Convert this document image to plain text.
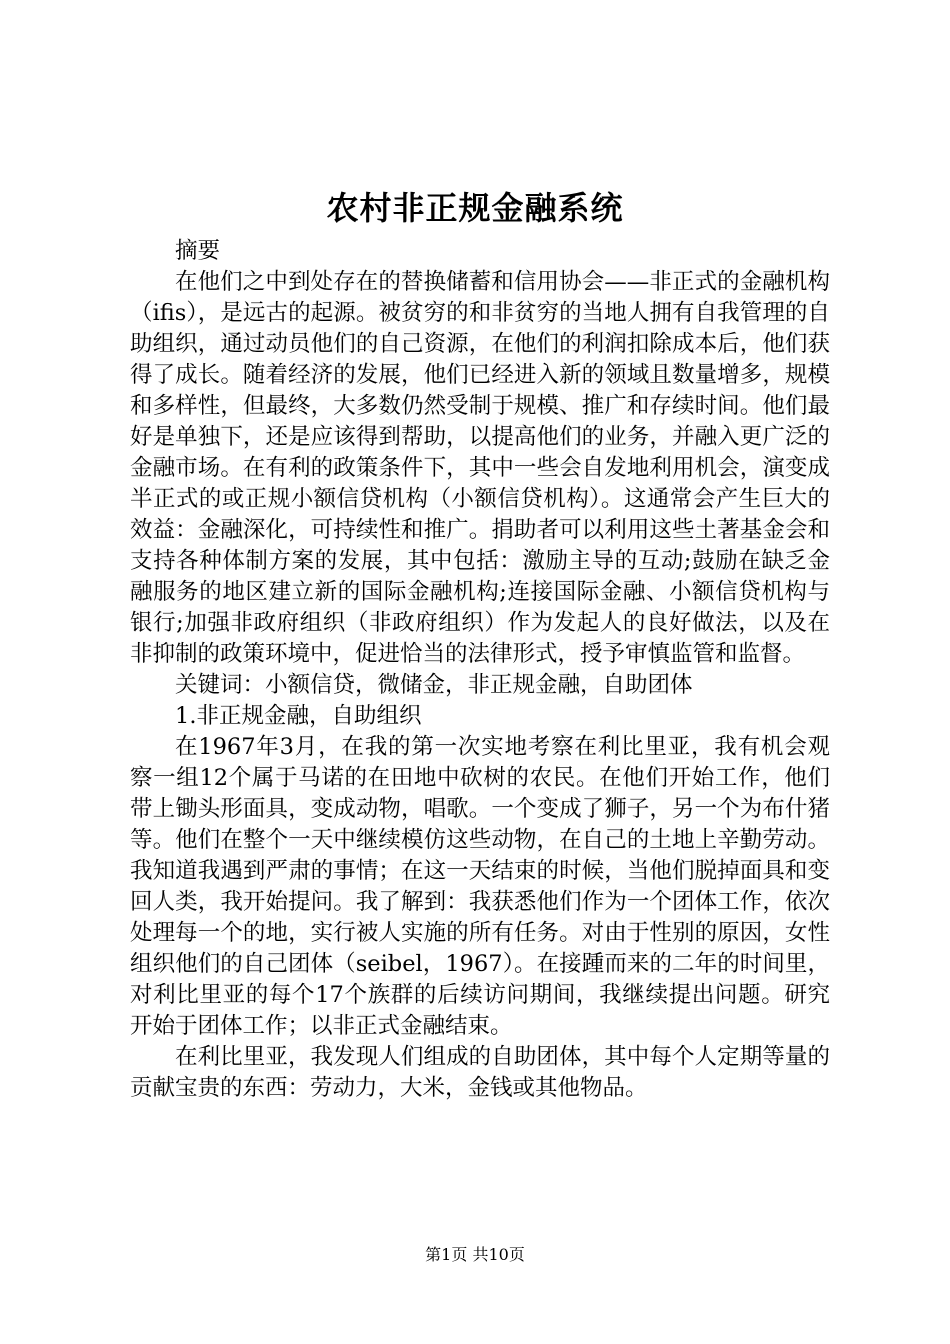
农村非正规金融系统

摘要

在他们之中到处存在的替换储蓄和信用协会——非正式的金融机构（ifis），是远古的起源。被贫穷的和非贫穷的当地人拥有自我管理的自助组织，通过动员他们的自己资源，在他们的利润扣除成本后，他们获得了成长。随着经济的发展，他们已经进入新的领域且数量增多，规模和多样性，但最终，大多数仍然受制于规模、推广和存续时间。他们最好是单独下，还是应该得到帮助，以提高他们的业务，并融入更广泛的金融市场。在有利的政策条件下，其中一些会自发地利用机会，演变成半正式的或正规小额信贷机构（小额信贷机构）。这通常会产生巨大的效益：金融深化，可持续性和推广。捐助者可以利用这些土著基金会和支持各种体制方案的发展，其中包括：激励主导的互动;鼓励在缺乏金融服务的地区建立新的国际金融机构;连接国际金融、小额信贷机构与银行;加强非政府组织（非政府组织）作为发起人的良好做法，以及在非抑制的政策环境中，促进恰当的法律形式，授予审慎监管和监督。

关键词：小额信贷，微储金，非正规金融，自助团体

1.非正规金融，自助组织

在1967年3月，在我的第一次实地考察在利比里亚，我有机会观察一组12个属于马诺的在田地中砍树的农民。在他们开始工作，他们带上锄头形面具，变成动物，唱歌。一个变成了狮子，另一个为布什猪等。他们在整个一天中继续模仿这些动物，在自己的土地上辛勤劳动。我知道我遇到严肃的事情；在这一天结束的时候，当他们脱掉面具和变回人类，我开始提问。我了解到：我获悉他们作为一个团体工作，依次处理每一个的地，实行被人实施的所有任务。对由于性别的原因，女性组织他们的自己团体（seibel，1967）。在接踵而来的二年的时间里，对利比里亚的每个17个族群的后续访问期间，我继续提出问题。研究开始于团体工作；以非正式金融结束。

在利比里亚，我发现人们组成的自助团体，其中每个人定期等量的贡献宝贵的东西：劳动力，大米，金钱或其他物品。

第1页 共10页
